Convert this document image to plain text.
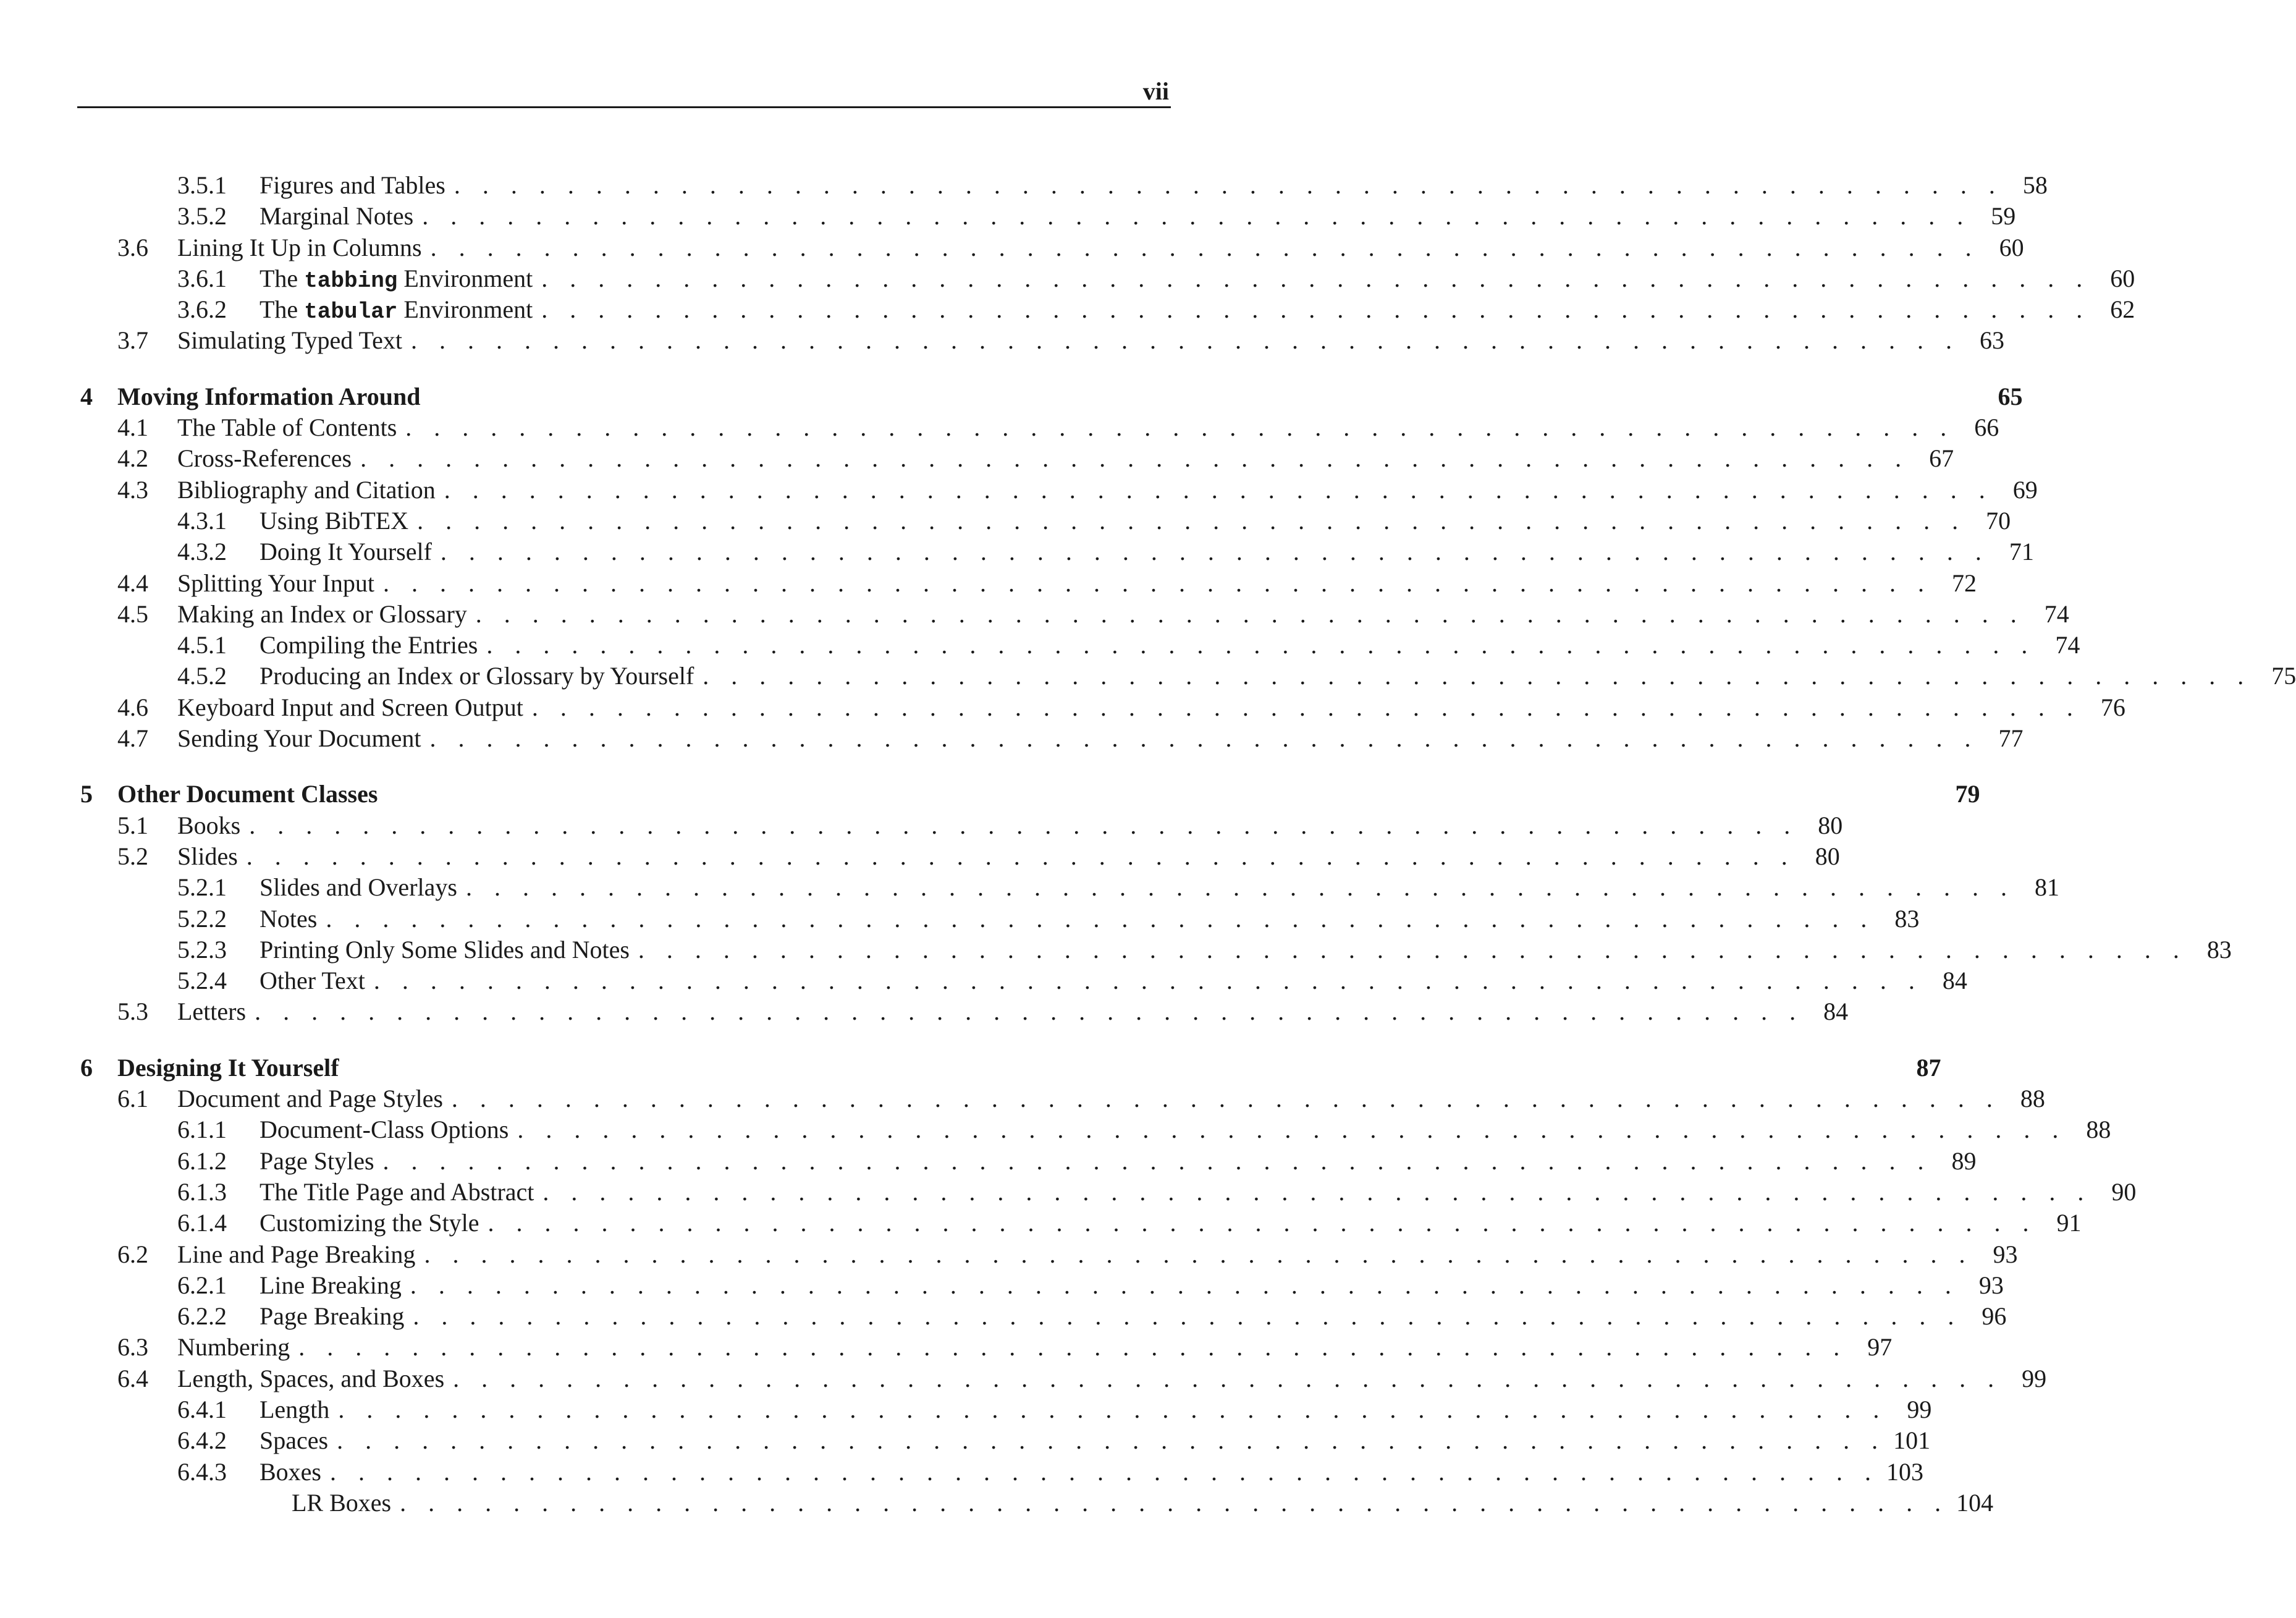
vii
3.5.1	Figures and Tables . . . . . . . . . . . . . . . . . . . . . . . . . . . . . . . . . . . . . . . . . . . . . . . . . . . . . . . 58
3.5.2	Marginal Notes . . . . . . . . . . . . . . . . . . . . . . . . . . . . . . . . . . . . . . . . . . . . . . . . . . . . . . . 59
3.6	Lining It Up in Columns . . . . . . . . . . . . . . . . . . . . . . . . . . . . . . . . . . . . . . . . . . . . . . . . . . . . . . . 60
3.6.1	The tabbing Environment . . . . . . . . . . . . . . . . . . . . . . . . . . . . . . . . . . . . . . . . . . . . . . . . . . . . . . . 60
3.6.2	The tabular Environment . . . . . . . . . . . . . . . . . . . . . . . . . . . . . . . . . . . . . . . . . . . . . . . . . . . . . . . 62
3.7	Simulating Typed Text . . . . . . . . . . . . . . . . . . . . . . . . . . . . . . . . . . . . . . . . . . . . . . . . . . . . . . . 63
4	Moving Information Around	65
4.1	The Table of Contents . . . . . . . . . . . . . . . . . . . . . . . . . . . . . . . . . . . . . . . . . . . . . . . . . . . . . . . 66
4.2	Cross-References . . . . . . . . . . . . . . . . . . . . . . . . . . . . . . . . . . . . . . . . . . . . . . . . . . . . . . . 67
4.3	Bibliography and Citation . . . . . . . . . . . . . . . . . . . . . . . . . . . . . . . . . . . . . . . . . . . . . . . . . . . . . . . 69
4.3.1	Using BibTEX . . . . . . . . . . . . . . . . . . . . . . . . . . . . . . . . . . . . . . . . . . . . . . . . . . . . . . . 70
4.3.2	Doing It Yourself . . . . . . . . . . . . . . . . . . . . . . . . . . . . . . . . . . . . . . . . . . . . . . . . . . . . . . . 71
4.4	Splitting Your Input . . . . . . . . . . . . . . . . . . . . . . . . . . . . . . . . . . . . . . . . . . . . . . . . . . . . . . . 72
4.5	Making an Index or Glossary . . . . . . . . . . . . . . . . . . . . . . . . . . . . . . . . . . . . . . . . . . . . . . . . . . . . . . . 74
4.5.1	Compiling the Entries . . . . . . . . . . . . . . . . . . . . . . . . . . . . . . . . . . . . . . . . . . . . . . . . . . . . . . . 74
4.5.2	Producing an Index or Glossary by Yourself . . . . . . . . . . . . . . . . . . . . . . . . . . . . . . . . . . . . . . . . . . . . . . . . . . . . . . . 75
4.6	Keyboard Input and Screen Output . . . . . . . . . . . . . . . . . . . . . . . . . . . . . . . . . . . . . . . . . . . . . . . . . . . . . . . 76
4.7	Sending Your Document . . . . . . . . . . . . . . . . . . . . . . . . . . . . . . . . . . . . . . . . . . . . . . . . . . . . . . . 77
5	Other Document Classes	79
5.1	Books . . . . . . . . . . . . . . . . . . . . . . . . . . . . . . . . . . . . . . . . . . . . . . . . . . . . . . . 80
5.2	Slides . . . . . . . . . . . . . . . . . . . . . . . . . . . . . . . . . . . . . . . . . . . . . . . . . . . . . . . 80
5.2.1	Slides and Overlays . . . . . . . . . . . . . . . . . . . . . . . . . . . . . . . . . . . . . . . . . . . . . . . . . . . . . . . 81
5.2.2	Notes . . . . . . . . . . . . . . . . . . . . . . . . . . . . . . . . . . . . . . . . . . . . . . . . . . . . . . . 83
5.2.3	Printing Only Some Slides and Notes . . . . . . . . . . . . . . . . . . . . . . . . . . . . . . . . . . . . . . . . . . . . . . . . . . . . . . . 83
5.2.4	Other Text . . . . . . . . . . . . . . . . . . . . . . . . . . . . . . . . . . . . . . . . . . . . . . . . . . . . . . . 84
5.3	Letters . . . . . . . . . . . . . . . . . . . . . . . . . . . . . . . . . . . . . . . . . . . . . . . . . . . . . . . 84
6	Designing It Yourself	87
6.1	Document and Page Styles . . . . . . . . . . . . . . . . . . . . . . . . . . . . . . . . . . . . . . . . . . . . . . . . . . . . . . . 88
6.1.1	Document-Class Options . . . . . . . . . . . . . . . . . . . . . . . . . . . . . . . . . . . . . . . . . . . . . . . . . . . . . . . 88
6.1.2	Page Styles . . . . . . . . . . . . . . . . . . . . . . . . . . . . . . . . . . . . . . . . . . . . . . . . . . . . . . . 89
6.1.3	The Title Page and Abstract . . . . . . . . . . . . . . . . . . . . . . . . . . . . . . . . . . . . . . . . . . . . . . . . . . . . . . . 90
6.1.4	Customizing the Style . . . . . . . . . . . . . . . . . . . . . . . . . . . . . . . . . . . . . . . . . . . . . . . . . . . . . . . 91
6.2	Line and Page Breaking . . . . . . . . . . . . . . . . . . . . . . . . . . . . . . . . . . . . . . . . . . . . . . . . . . . . . . . 93
6.2.1	Line Breaking . . . . . . . . . . . . . . . . . . . . . . . . . . . . . . . . . . . . . . . . . . . . . . . . . . . . . . . 93
6.2.2	Page Breaking . . . . . . . . . . . . . . . . . . . . . . . . . . . . . . . . . . . . . . . . . . . . . . . . . . . . . . . 96
6.3	Numbering . . . . . . . . . . . . . . . . . . . . . . . . . . . . . . . . . . . . . . . . . . . . . . . . . . . . . . . 97
6.4	Length, Spaces, and Boxes . . . . . . . . . . . . . . . . . . . . . . . . . . . . . . . . . . . . . . . . . . . . . . . . . . . . . . . 99
6.4.1	Length . . . . . . . . . . . . . . . . . . . . . . . . . . . . . . . . . . . . . . . . . . . . . . . . . . . . . . . 99
6.4.2	Spaces . . . . . . . . . . . . . . . . . . . . . . . . . . . . . . . . . . . . . . . . . . . . . . . . . . . . . . . 101
6.4.3	Boxes . . . . . . . . . . . . . . . . . . . . . . . . . . . . . . . . . . . . . . . . . . . . . . . . . . . . . . . 103
LR Boxes . . . . . . . . . . . . . . . . . . . . . . . . . . . . . . . . . . . . . . . . . . . . . . . . . . . . . . . 104
